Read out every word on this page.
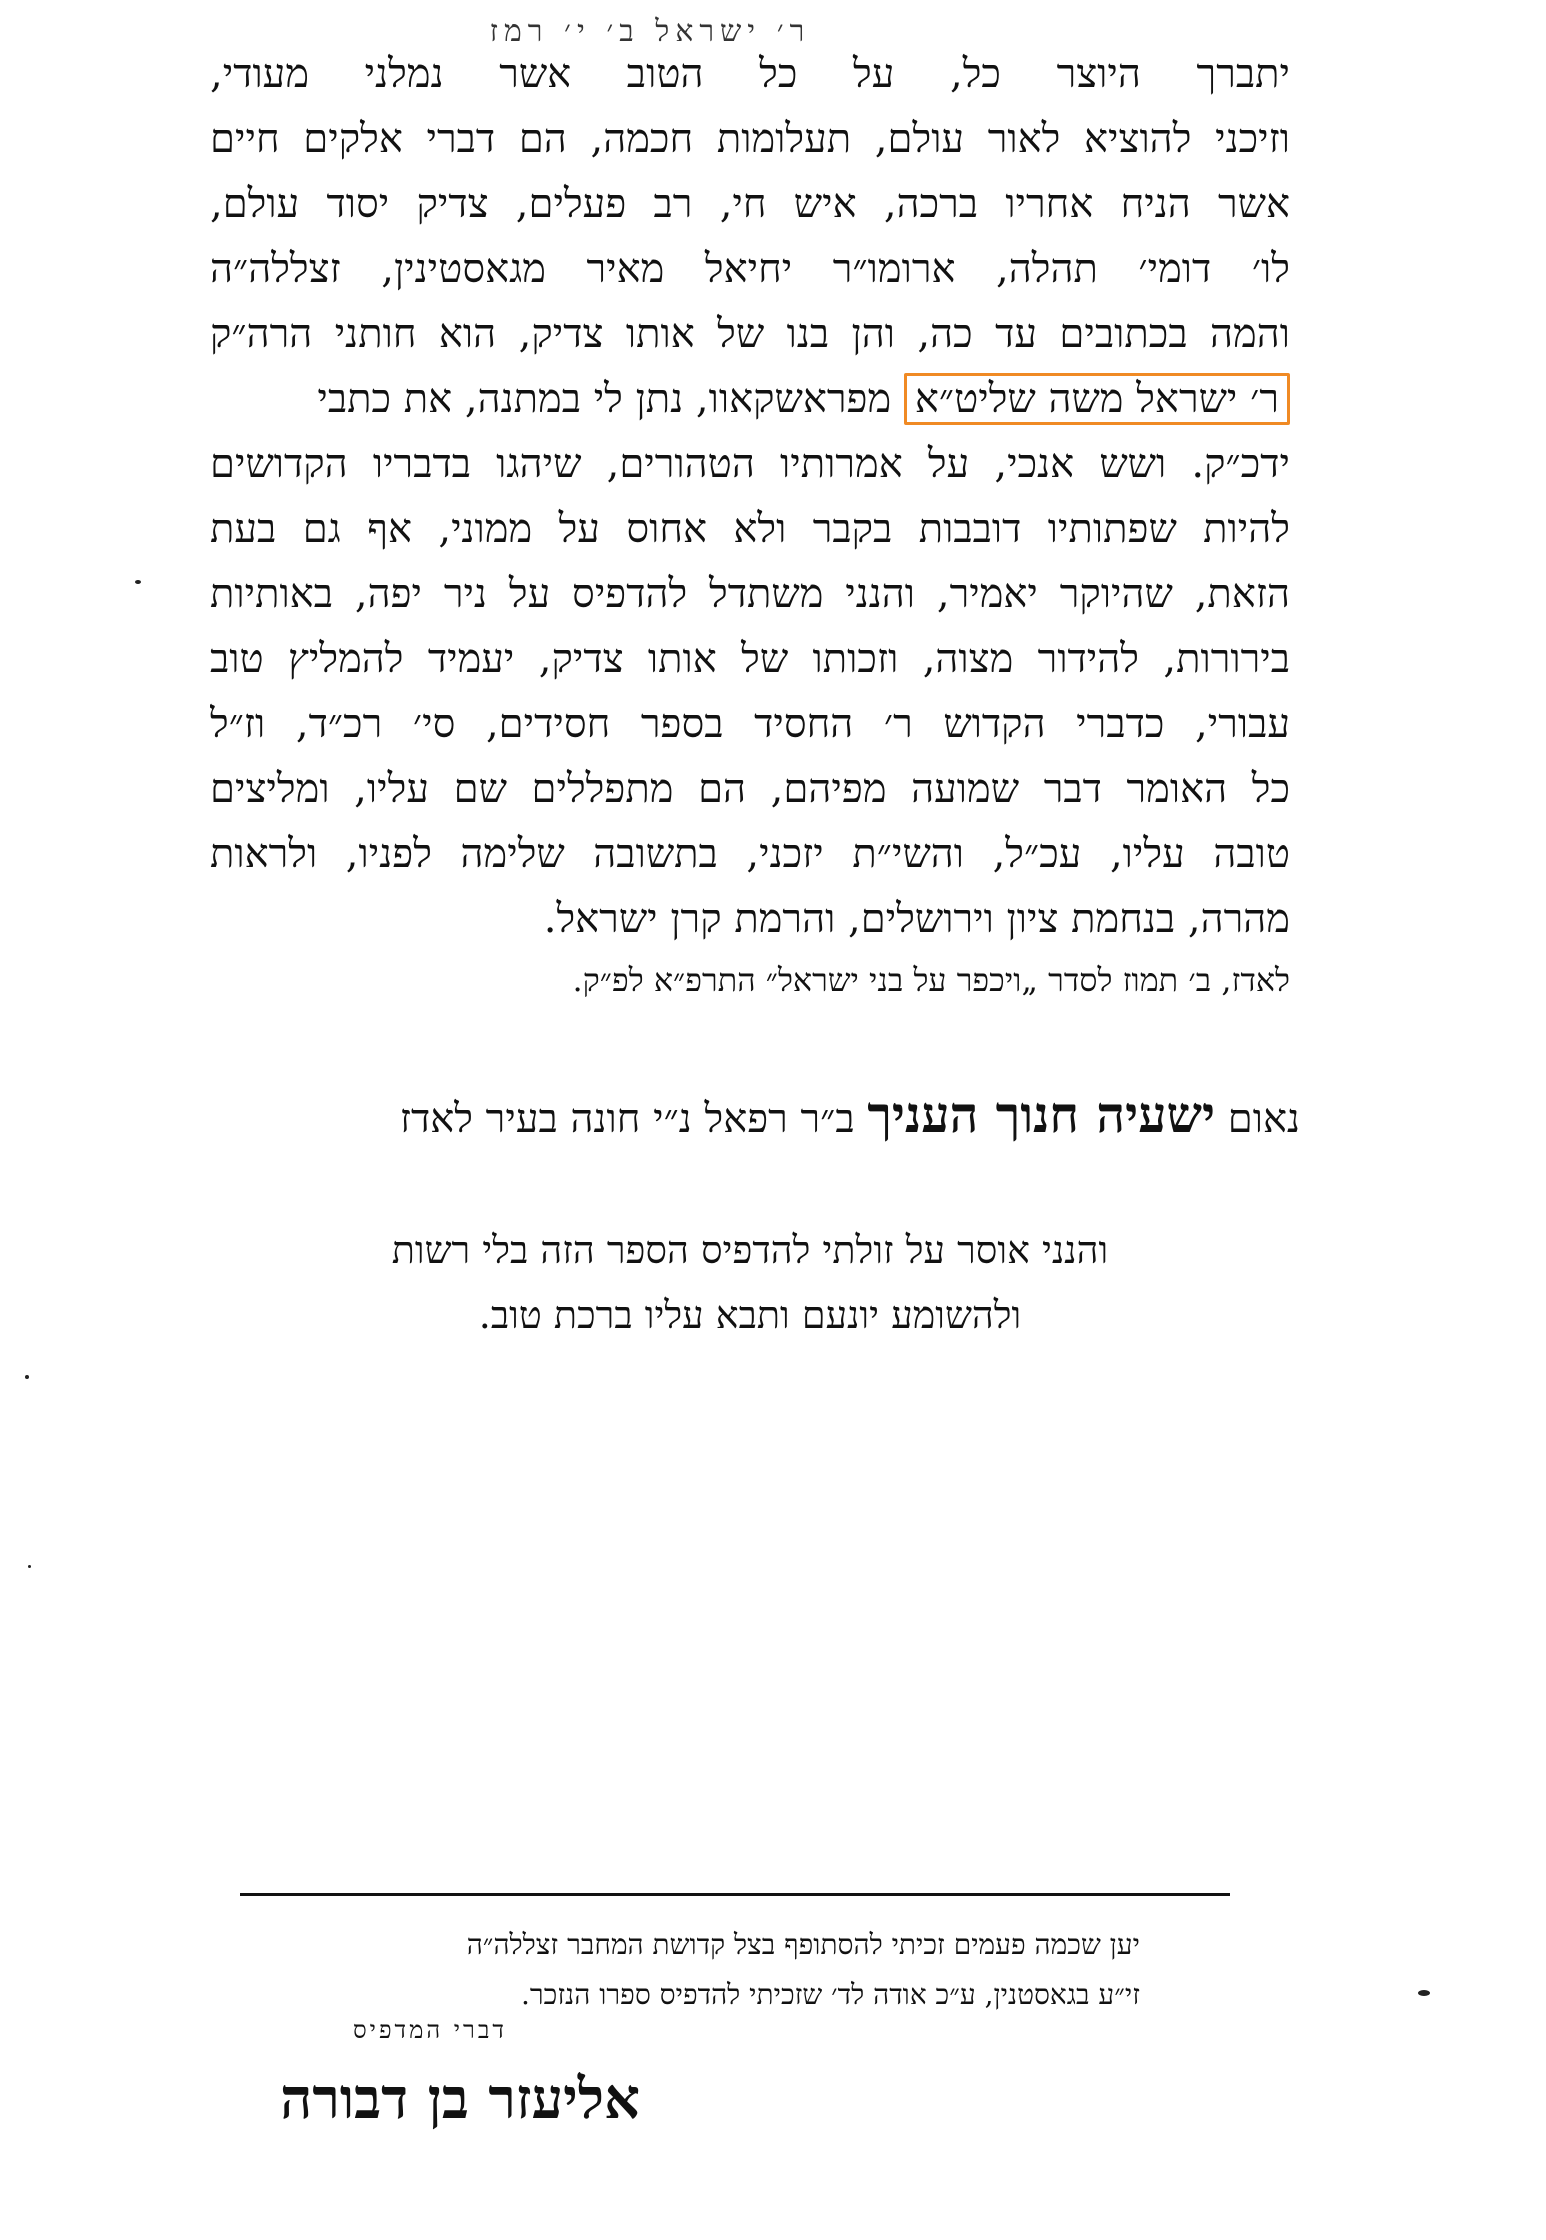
ר׳ ישראל ב׳ י׳ רמז
יתברך היוצר כל, על כל הטוב אשר נמלני מעודי,
וזיכני להוציא לאור עולם, תעלומות חכמה, הם דברי אלקים חיים
אשר הניח אחריו ברכה, איש חי, רב פעלים, צדיק יסוד עולם,
לו׳ דומי׳ תהלה, ארומו״ר יחיאל מאיר מגאסטינין, זצללה״ה
והמה בכתובים עד כה, והן בנו של אותו צדיק, הוא חותני הרה״ק
ר׳ ישראל משה שליט״א מפראשקאוו, נתן לי במתנה, את כתבי
ידכ״ק. ושש אנכי, על אמרותיו הטהורים, שיהגו בדבריו הקדושים
להיות שפתותיו דובבות בקבר ולא אחוס על ממוני, אף גם בעת
הזאת, שהיוקר יאמיר, והנני משתדל להדפיס על ניר יפה, באותיות
בירורות, להידור מצוה, וזכותו של אותו צדיק, יעמיד להמליץ טוב
עבורי, כדברי הקדוש ר׳ החסיד בספר חסידים, סי׳ רכ״ד, וז״ל
כל האומר דבר שמועה מפיהם, הם מתפללים שם עליו, ומליצים
טובה עליו, עכ״ל, והשי״ת יזכני, בתשובה שלימה לפניו, ולראות
מהרה, בנחמת ציון וירושלים, והרמת קרן ישראל.
לאדז, ב׳ תמוז לסדר „ויכפר על בני ישראל״ התרפ״א לפ״ק.
נאום ישעיה חנוך העניך ב״ר רפאל נ״י חונה בעיר לאדז
והנני אוסר על זולתי להדפיס הספר הזה בלי רשות
ולהשומע יונעם ותבא עליו ברכת טוב.
יען שכמה פעמים זכיתי להסתופף בצל קדושת המחבר זצללה״ה
זי״ע בגאסטנין, ע״כ אודה לד׳ שזכיתי להדפיס ספרו הנזכר.
דברי המדפיס
אליעזר בן דבורה
